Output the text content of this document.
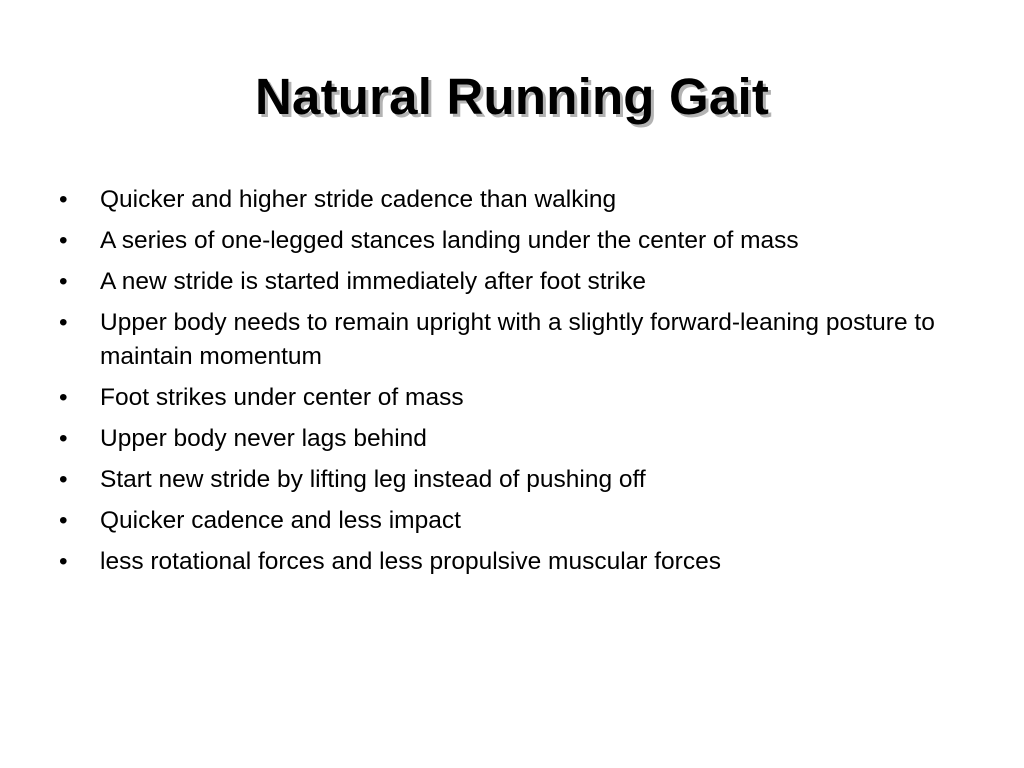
Natural Running Gait
•	Quicker and higher stride cadence than walking
•	A series of one-legged stances landing under the center of mass
•	A new stride is started immediately after foot strike
•	Upper body needs to remain upright with a slightly forward-leaning posture to maintain momentum
•	Foot strikes under center of mass
•	Upper body never lags behind
•	Start new stride by lifting leg instead of pushing off
•	Quicker cadence and less impact
•	less rotational forces and less propulsive muscular forces
